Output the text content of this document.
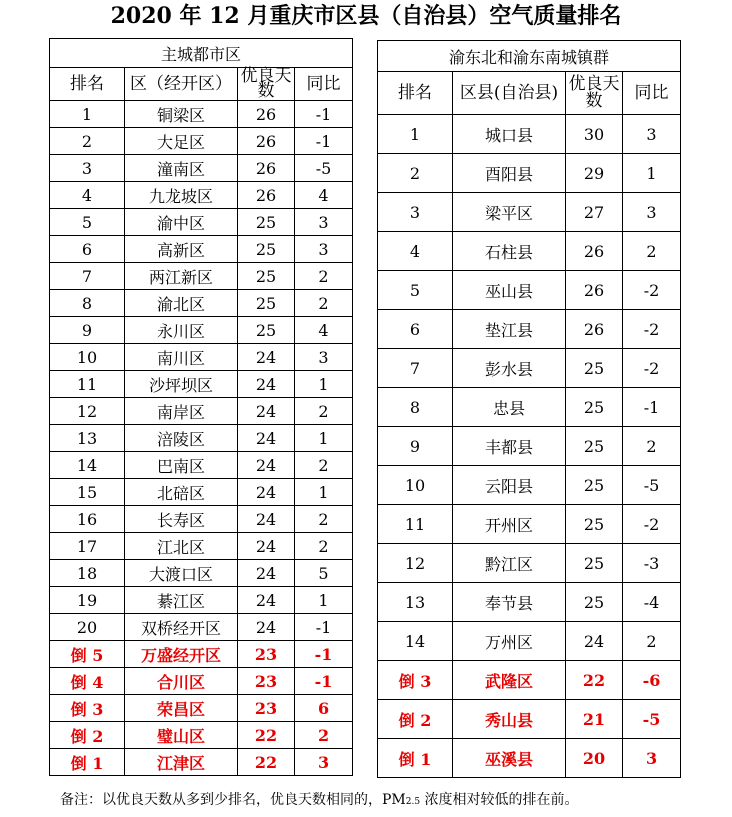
2020 年 12 月重庆市区县（自治县）空气质量排名
主城都市区			
排名	区（经开区）	优良天数	同比
1	铜梁区	26	-1
2	大足区	26	-1
3	潼南区	26	-5
4	九龙坡区	26	4
5	渝中区	25	3
6	高新区	25	3
7	两江新区	25	2
8	渝北区	25	2
9	永川区	25	4
10	南川区	24	3
11	沙坪坝区	24	1
12	南岸区	24	2
13	涪陵区	24	1
14	巴南区	24	2
15	北碚区	24	1
16	长寿区	24	2
17	江北区	24	2
18	大渡口区	24	5
19	綦江区	24	1
20	双桥经开区	24	-1
倒 5	万盛经开区	23	-1
倒 4	合川区	23	-1
倒 3	荣昌区	23	6
倒 2	璧山区	22	2
倒 1	江津区	22	3
渝东北和渝东南城镇群			
排名	区县(自治县)	优良天数	同比
1	城口县	30	3
2	酉阳县	29	1
3	梁平区	27	3
4	石柱县	26	2
5	巫山县	26	-2
6	垫江县	26	-2
7	彭水县	25	-2
8	忠县	25	-1
9	丰都县	25	2
10	云阳县	25	-5
11	开州区	25	-2
12	黔江区	25	-3
13	奉节县	25	-4
14	万州区	24	2
倒 3	武隆区	22	-6
倒 2	秀山县	21	-5
倒 1	巫溪县	20	3
备注：以优良天数从多到少排名，优良天数相同的，PM2.5 浓度相对较低的排在前。
